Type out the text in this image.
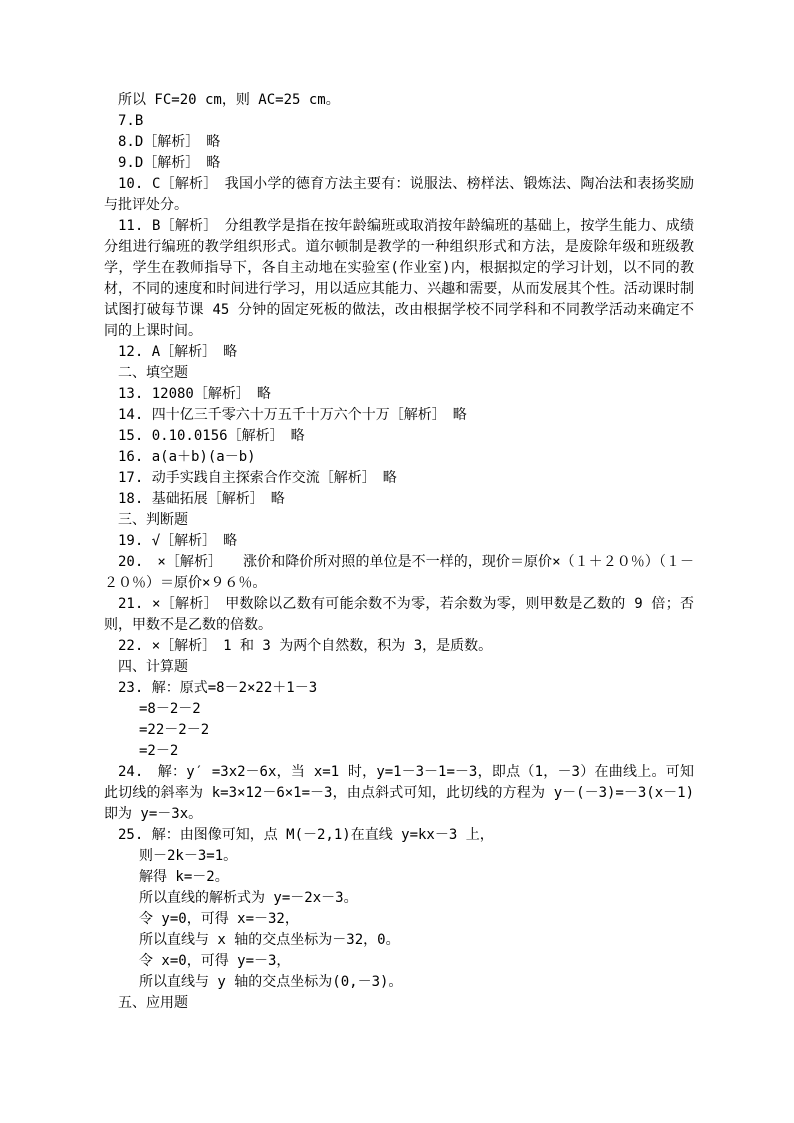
所以 FC=20 cm，则 AC=25 cm。

7.B

8.D［解析］　略

9.D［解析］　略

10. C［解析］　我国小学的德育方法主要有：说服法、榜样法、锻炼法、陶冶法和表扬奖励与批评处分。

11. B［解析］　分组教学是指在按年龄编班或取消按年龄编班的基础上，按学生能力、成绩分组进行编班的教学组织形式。道尔顿制是教学的一种组织形式和方法，是废除年级和班级教学，学生在教师指导下，各自主动地在实验室(作业室)内，根据拟定的学习计划，以不同的教材，不同的速度和时间进行学习，用以适应其能力、兴趣和需要，从而发展其个性。活动课时制试图打破每节课 45 分钟的固定死板的做法，改由根据学校不同学科和不同教学活动来确定不同的上课时间。

12. A［解析］　略

二、填空题

13. 12080［解析］　略

14. 四十亿三千零六十万五千十万六个十万［解析］　略

15. 0.10.0156［解析］　略

16. a(a＋b)(a－b)

17. 动手实践自主探索合作交流［解析］　略

18. 基础拓展［解析］　略

三、判断题

19. √［解析］　略

20.　×［解析］　　涨价和降价所对照的单位是不一样的，现价＝原价×（１＋２０％）（１－２０％）＝原价×９６％。

21. ×［解析］　甲数除以乙数有可能余数不为零，若余数为零，则甲数是乙数的 9 倍；否则，甲数不是乙数的倍数。

22. ×［解析］　1 和 3 为两个自然数，积为 3，是质数。

四、计算题

23. 解：原式=8－2×22＋1－3

=8－2－2

=22－2－2

=2－2

24.　解：y′ =3x2－6x，当 x=1 时，y=1－3－1=－3，即点（1，－3）在曲线上。可知此切线的斜率为 k=3×12－6×1=－3，由点斜式可知，此切线的方程为 y－(－3)=－3(x－1)即为 y=－3x。

25. 解：由图像可知，点 M(－2,1)在直线 y=kx－3 上，

则－2k－3=1。

解得 k=－2。

所以直线的解析式为 y=－2x－3。

令 y=0，可得 x=－32，

所以直线与 x 轴的交点坐标为－32，0。

令 x=0，可得 y=－3，

所以直线与 y 轴的交点坐标为(0,－3)。

五、应用题
